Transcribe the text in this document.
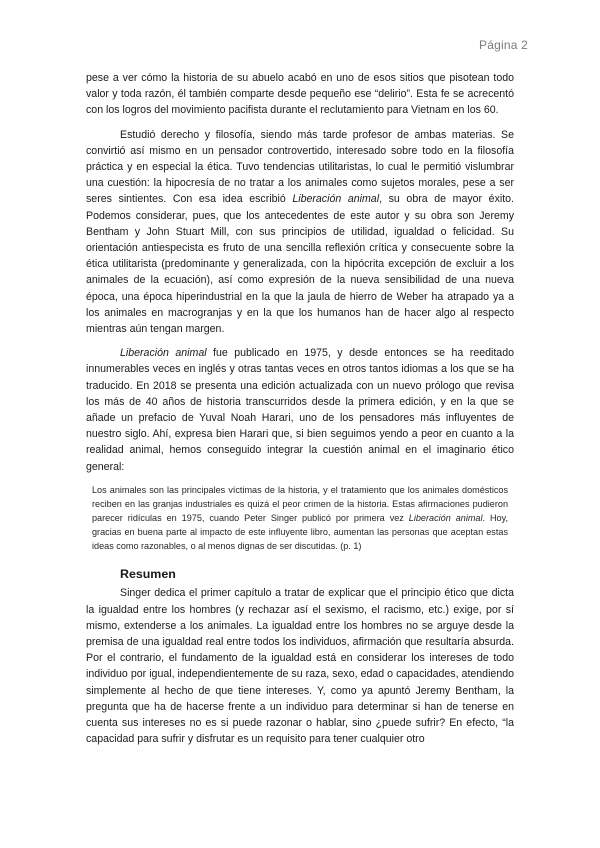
Página 2

pese a ver cómo la historia de su abuelo acabó en uno de esos sitios que pisotean todo valor y toda razón, él también comparte desde pequeño ese “delirio”. Esta fe se acrecentó con los logros del movimiento pacifista durante el reclutamiento para Vietnam en los 60.

Estudió derecho y filosofía, siendo más tarde profesor de ambas materias. Se convirtió así mismo en un pensador controvertido, interesado sobre todo en la filosofía práctica y en especial la ética. Tuvo tendencias utilitaristas, lo cual le permitió vislumbrar una cuestión: la hipocresía de no tratar a los animales como sujetos morales, pese a ser seres sintientes. Con esa idea escribió Liberación animal, su obra de mayor éxito. Podemos considerar, pues, que los antecedentes de este autor y su obra son Jeremy Bentham y John Stuart Mill, con sus principios de utilidad, igualdad o felicidad. Su orientación antiespecista es fruto de una sencilla reflexión crítica y consecuente sobre la ética utilitarista (predominante y generalizada, con la hipócrita excepción de excluir a los animales de la ecuación), así como expresión de la nueva sensibilidad de una nueva época, una época hiperindustrial en la que la jaula de hierro de Weber ha atrapado ya a los animales en macrogranjas y en la que los humanos han de hacer algo al respecto mientras aún tengan margen.

Liberación animal fue publicado en 1975, y desde entonces se ha reeditado innumerables veces en inglés y otras tantas veces en otros tantos idiomas a los que se ha traducido. En 2018 se presenta una edición actualizada con un nuevo prólogo que revisa los más de 40 años de historia transcurridos desde la primera edición, y en la que se añade un prefacio de Yuval Noah Harari, uno de los pensadores más influyentes de nuestro siglo. Ahí, expresa bien Harari que, si bien seguimos yendo a peor en cuanto a la realidad animal, hemos conseguido integrar la cuestión animal en el imaginario ético general:

Los animales son las principales víctimas de la historia, y el tratamiento que los animales domésticos reciben en las granjas industriales es quizá el peor crimen de la historia. Estas afirmaciones pudieron parecer ridículas en 1975, cuando Peter Singer publicó por primera vez Liberación animal. Hoy, gracias en buena parte al impacto de este influyente libro, aumentan las personas que aceptan estas ideas como razonables, o al menos dignas de ser discutidas. (p. 1)
Resumen

Singer dedica el primer capítulo a tratar de explicar que el principio ético que dicta la igualdad entre los hombres (y rechazar así el sexismo, el racismo, etc.) exige, por sí mismo, extenderse a los animales. La igualdad entre los hombres no se arguye desde la premisa de una igualdad real entre todos los individuos, afirmación que resultaría absurda. Por el contrario, el fundamento de la igualdad está en considerar los intereses de todo individuo por igual, independientemente de su raza, sexo, edad o capacidades, atendiendo simplemente al hecho de que tiene intereses. Y, como ya apuntó Jeremy Bentham, la pregunta que ha de hacerse frente a un individuo para determinar si han de tenerse en cuenta sus intereses no es si puede razonar o hablar, sino ¿puede sufrir? En efecto, “la capacidad para sufrir y disfrutar es un requisito para tener cualquier otro
